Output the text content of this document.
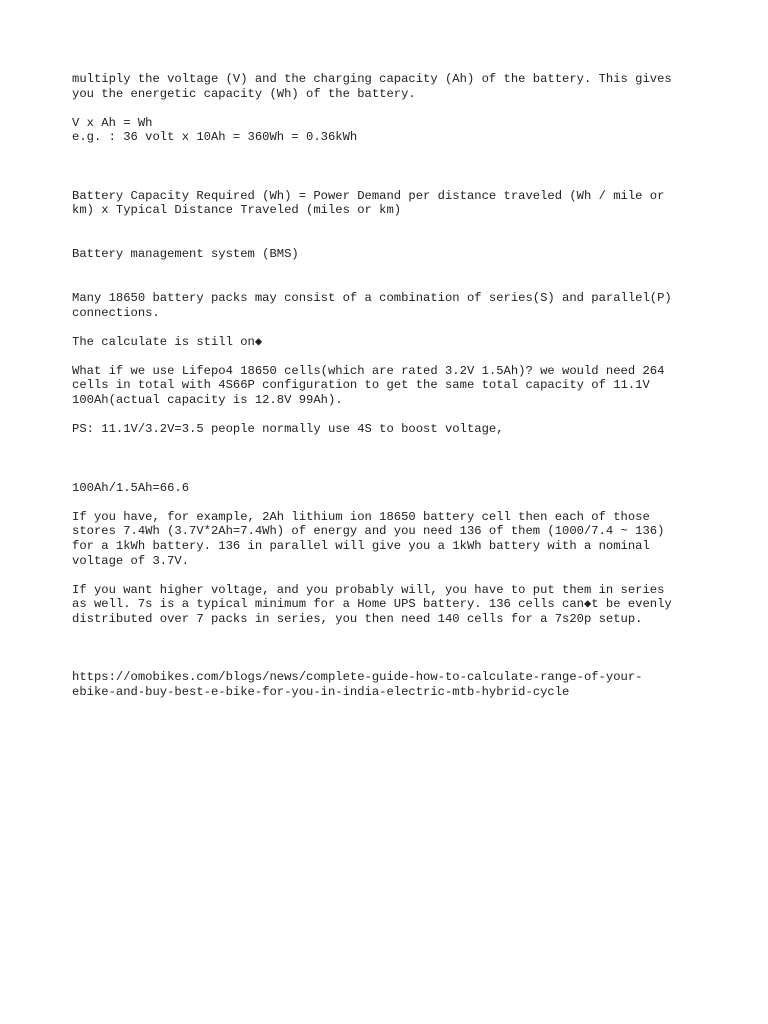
multiply the voltage (V) and the charging capacity (Ah) of the battery. This gives
you the energetic capacity (Wh) of the battery.
V x Ah = Wh
e.g. : 36 volt x 10Ah = 360Wh = 0.36kWh
Battery Capacity Required (Wh) = Power Demand per distance traveled (Wh / mile or
km) x Typical Distance Traveled (miles or km)
Battery management system (BMS)
Many 18650 battery packs may consist of a combination of series(S) and parallel(P)
connections.
The calculate is still on◆
What if we use Lifepo4 18650 cells(which are rated 3.2V 1.5Ah)? we would need 264
cells in total with 4S66P configuration to get the same total capacity of 11.1V
100Ah(actual capacity is 12.8V 99Ah).
PS: 11.1V/3.2V=3.5 people normally use 4S to boost voltage,
100Ah/1.5Ah=66.6
If you have, for example, 2Ah lithium ion 18650 battery cell then each of those
stores 7.4Wh (3.7V*2Ah=7.4Wh) of energy and you need 136 of them (1000/7.4 ~ 136)
for a 1kWh battery. 136 in parallel will give you a 1kWh battery with a nominal
voltage of 3.7V.
If you want higher voltage, and you probably will, you have to put them in series
as well. 7s is a typical minimum for a Home UPS battery. 136 cells can◆t be evenly
distributed over 7 packs in series, you then need 140 cells for a 7s20p setup.
https://omobikes.com/blogs/news/complete-guide-how-to-calculate-range-of-your-
ebike-and-buy-best-e-bike-for-you-in-india-electric-mtb-hybrid-cycle
